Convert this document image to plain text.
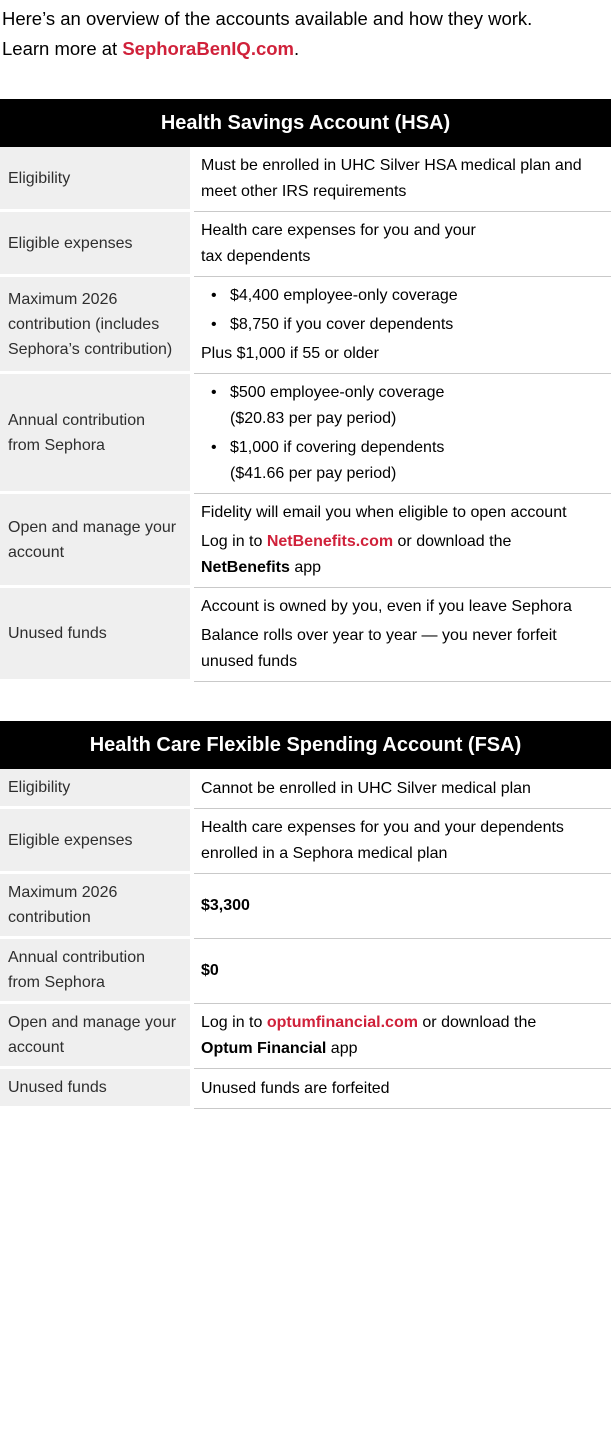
Here’s an overview of the accounts available and how they work.
Learn more at SephoraBenIQ.com.

Health Savings Account (HSA)
Eligibility
Must be enrolled in UHC Silver HSA medical plan and meet other IRS requirements
Eligible expenses
Health care expenses for you and your
tax dependents
Maximum 2026 contribution (includes Sephora’s contribution)
• $4,400 employee-only coverage
• $8,750 if you cover dependents
Plus $1,000 if 55 or older
Annual contribution from Sephora
• $500 employee-only coverage
($20.83 per pay period)
• $1,000 if covering dependents
($41.66 per pay period)
Open and manage your account
Fidelity will email you when eligible to open account
Log in to NetBenefits.com or download the
NetBenefits app
Unused funds
Account is owned by you, even if you leave Sephora
Balance rolls over year to year — you never forfeit unused funds
Health Care Flexible Spending Account (FSA)
Eligibility	Cannot be enrolled in UHC Silver medical plan
Eligible expenses
Health care expenses for you and your dependents enrolled in a Sephora medical plan
Maximum 2026 contribution
$3,300
Annual contribution from Sephora
$0
Open and manage your account
Log in to optumfinancial.com or download the
Optum Financial app
Unused funds	Unused funds are forfeited
